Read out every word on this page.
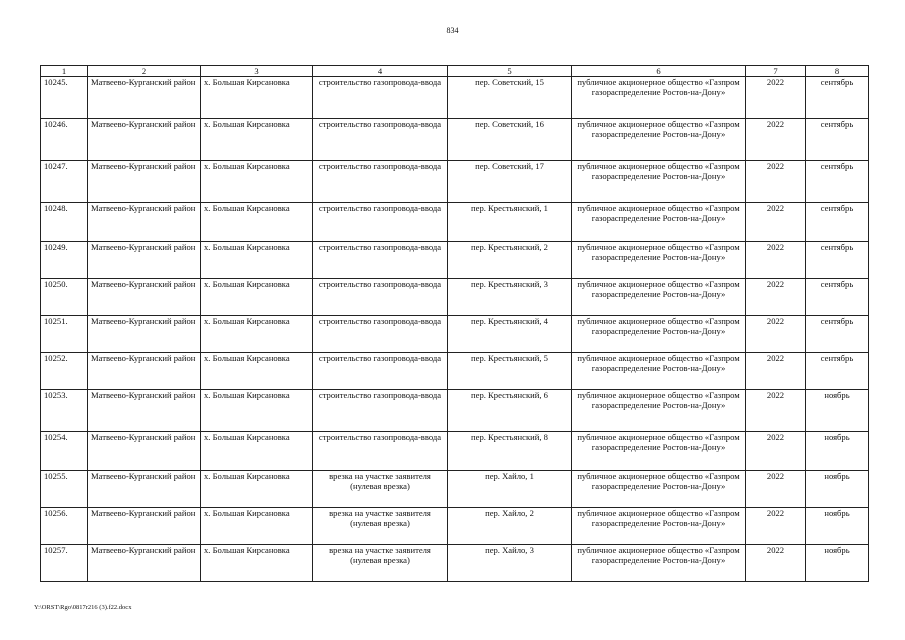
834
1	2	3	4	5	6	7	8
10245.	Матвеево-Курганский район	х. Большая Кирсановка	строительство газопровода-ввода	пер. Советский, 15	публичное акционерное общество «Газпром газораспределение Ростов-на-Дону»	2022	сентябрь
10246.	Матвеево-Курганский район	х. Большая Кирсановка	строительство газопровода-ввода	пер. Советский, 16	публичное акционерное общество «Газпром газораспределение Ростов-на-Дону»	2022	сентябрь
10247.	Матвеево-Курганский район	х. Большая Кирсановка	строительство газопровода-ввода	пер. Советский, 17	публичное акционерное общество «Газпром газораспределение Ростов-на-Дону»	2022	сентябрь
10248.	Матвеево-Курганский район	х. Большая Кирсановка	строительство газопровода-ввода	пер. Крестьянский, 1	публичное акционерное общество «Газпром газораспределение Ростов-на-Дону»	2022	сентябрь
10249.	Матвеево-Курганский район	х. Большая Кирсановка	строительство газопровода-ввода	пер. Крестьянский, 2	публичное акционерное общество «Газпром газораспределение Ростов-на-Дону»	2022	сентябрь
10250.	Матвеево-Курганский район	х. Большая Кирсановка	строительство газопровода-ввода	пер. Крестьянский, 3	публичное акционерное общество «Газпром газораспределение Ростов-на-Дону»	2022	сентябрь
10251.	Матвеево-Курганский район	х. Большая Кирсановка	строительство газопровода-ввода	пер. Крестьянский, 4	публичное акционерное общество «Газпром газораспределение Ростов-на-Дону»	2022	сентябрь
10252.	Матвеево-Курганский район	х. Большая Кирсановка	строительство газопровода-ввода	пер. Крестьянский, 5	публичное акционерное общество «Газпром газораспределение Ростов-на-Дону»	2022	сентябрь
10253.	Матвеево-Курганский район	х. Большая Кирсановка	строительство газопровода-ввода	пер. Крестьянский, 6	публичное акционерное общество «Газпром газораспределение Ростов-на-Дону»	2022	ноябрь
10254.	Матвеево-Курганский район	х. Большая Кирсановка	строительство газопровода-ввода	пер. Крестьянский, 8	публичное акционерное общество «Газпром газораспределение Ростов-на-Дону»	2022	ноябрь
10255.	Матвеево-Курганский район	х. Большая Кирсановка	врезка на участке заявителя (нулевая врезка)	пер. Хайло, 1	публичное акционерное общество «Газпром газораспределение Ростов-на-Дону»	2022	ноябрь
10256.	Матвеево-Курганский район	х. Большая Кирсановка	врезка на участке заявителя (нулевая врезка)	пер. Хайло, 2	публичное акционерное общество «Газпром газораспределение Ростов-на-Дону»	2022	ноябрь
10257.	Матвеево-Курганский район	х. Большая Кирсановка	врезка на участке заявителя (нулевая врезка)	пер. Хайло, 3	публичное акционерное общество «Газпром газораспределение Ростов-на-Дону»	2022	ноябрь
Y:\ORST\Rgo\0817r216 (3).f22.docx
